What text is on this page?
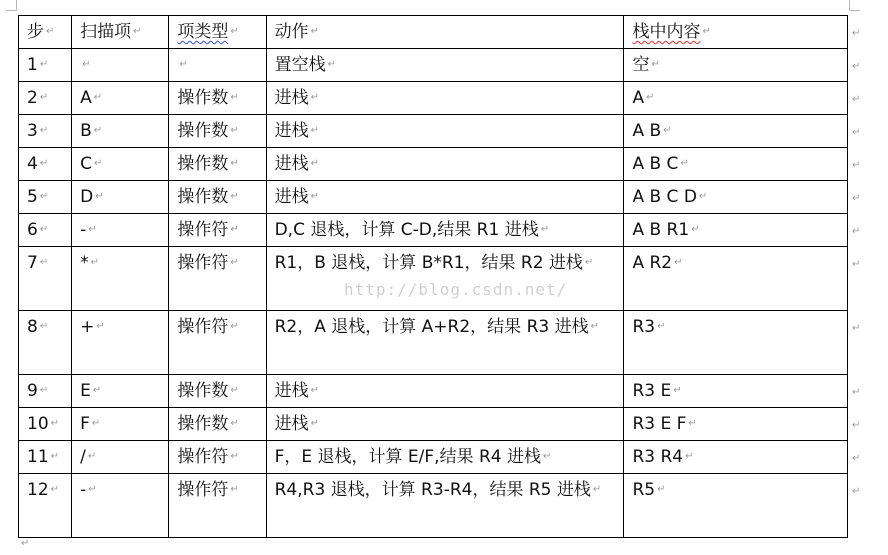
步 ↵	扫描项 ↵	项类型 ↵	动作 ↵	栈中内容 ↵
1 ↵	↵	↵	置空栈 ↵	空 ↵
2 ↵	A ↵	操作数 ↵	进栈 ↵	A ↵
3 ↵	B ↵	操作数 ↵	进栈 ↵	A B ↵
4 ↵	C ↵	操作数 ↵	进栈 ↵	A B C ↵
5 ↵	D ↵	操作数 ↵	进栈 ↵	A B C D ↵
6 ↵	- ↵	操作符 ↵	D,C 退栈，计算 C-D,结果 R1 进栈 ↵	A B R1 ↵
7 ↵	* ↵	操作符 ↵	R1，B 退栈，计算 B*R1，结果 R2 进栈 ↵	A R2 ↵
8 ↵	+ ↵	操作符 ↵	R2，A 退栈，计算 A+R2，结果 R3 进栈 ↵	R3 ↵
9 ↵	E ↵	操作数 ↵	进栈 ↵	R3 E ↵
10 ↵	F ↵	操作数 ↵	进栈 ↵	R3 E F ↵
11 ↵	/ ↵	操作符 ↵	F，E 退栈，计算 E/F,结果 R4 进栈 ↵	R3 R4 ↵
12 ↵	- ↵	操作符 ↵	R4,R3 退栈，计算 R3-R4，结果 R5 进栈 ↵	R5 ↵
http://blog.csdn.net/
↵
↵
↵
↵
↵
↵
↵
↵
↵
↵
↵
↵
↵
↵
